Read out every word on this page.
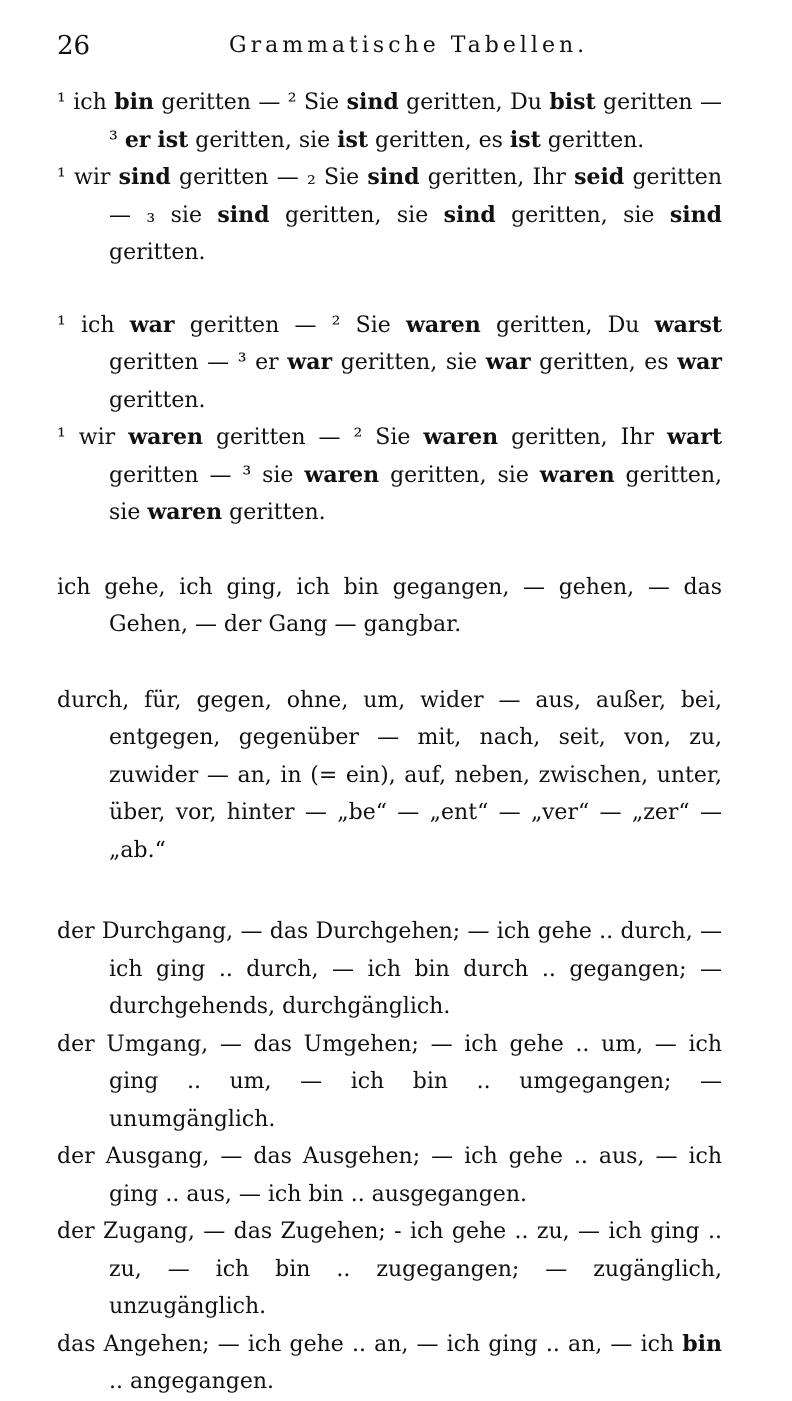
26	Grammatische Tabellen.

¹ ich bin geritten — ² Sie sind geritten, Du bist geritten — ³ er ist geritten, sie ist geritten, es ist geritten.

¹ wir sind geritten — ₂ Sie sind geritten, Ihr seid geritten — ₃ sie sind geritten, sie sind geritten, sie sind geritten.

¹ ich war geritten — ² Sie waren geritten, Du warst geritten — ³ er war geritten, sie war geritten, es war geritten.

¹ wir waren geritten — ² Sie waren geritten, Ihr wart geritten — ³ sie waren geritten, sie waren geritten, sie waren geritten.

ich gehe, ich ging, ich bin gegangen, — gehen, — das Gehen, — der Gang — gangbar.

durch, für, gegen, ohne, um, wider — aus, außer, bei, entgegen, gegenüber — mit, nach, seit, von, zu, zuwider — an, in (= ein), auf, neben, zwischen, unter, über, vor, hinter — „be“ — „ent“ — „ver“ — „zer“ — „ab.“

der Durchgang, — das Durchgehen; — ich gehe .. durch, — ich ging .. durch, — ich bin durch .. gegangen; — durchgehends, durchgänglich.

der Umgang, — das Umgehen; — ich gehe .. um, — ich ging .. um, — ich bin .. umgegangen; — unumgänglich.

der Ausgang, — das Ausgehen; — ich gehe .. aus, — ich ging .. aus, — ich bin .. ausgegangen.

der Zugang, — das Zugehen; - ich gehe .. zu, — ich ging .. zu, — ich bin .. zugegangen; — zugänglich, unzugänglich.

das Angehen; — ich gehe .. an, — ich ging .. an, — ich bin .. angegangen.
